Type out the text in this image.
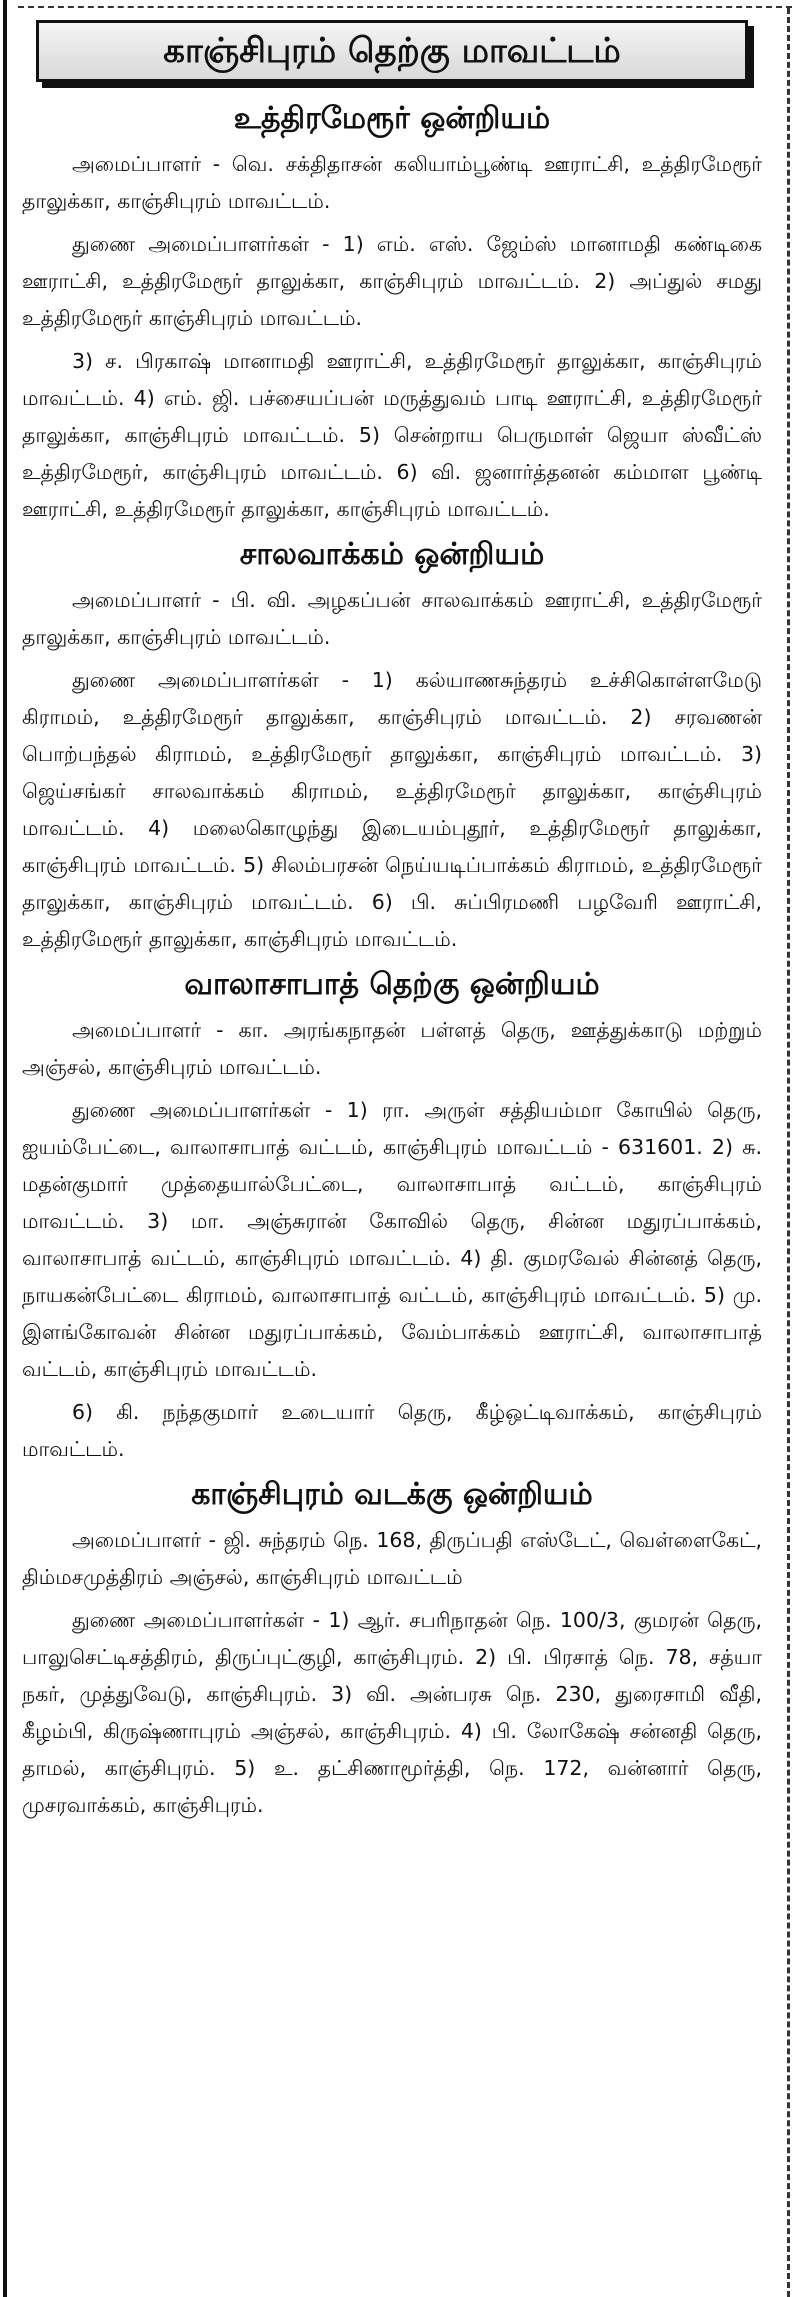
காஞ்சிபுரம் தெற்கு மாவட்டம்
உத்திரமேரூர் ஒன்றியம்

அமைப்பாளர் - வெ. சக்திதாசன் கலியாம்பூண்டி ஊராட்சி, உத்திரமேரூர் தாலுக்கா, காஞ்சிபுரம் மாவட்டம்.

துணை அமைப்பாளர்கள் - 1) எம். எஸ். ஜேம்ஸ் மானாமதி கண்டிகை ஊராட்சி, உத்திரமேரூர் தாலுக்கா, காஞ்சிபுரம் மாவட்டம். 2) அப்துல் சமது உத்திரமேரூர் காஞ்சிபுரம் மாவட்டம்.

3) ச. பிரகாஷ் மானாமதி ஊராட்சி, உத்திரமேரூர் தாலுக்கா, காஞ்சிபுரம் மாவட்டம். 4) எம். ஜி. பச்சையப்பன் மருத்துவம் பாடி ஊராட்சி, உத்திரமேரூர் தாலுக்கா, காஞ்சிபுரம் மாவட்டம். 5) சென்றாய பெருமாள் ஜெயா ஸ்வீட்ஸ் உத்திரமேரூர், காஞ்சிபுரம் மாவட்டம். 6) வி. ஜனார்த்தனன் கம்மாள பூண்டி ஊராட்சி, உத்திரமேரூர் தாலுக்கா, காஞ்சிபுரம் மாவட்டம்.

சாலவாக்கம் ஒன்றியம்

அமைப்பாளர் - பி. வி. அழகப்பன் சாலவாக்கம் ஊராட்சி, உத்திரமேரூர் தாலுக்கா, காஞ்சிபுரம் மாவட்டம்.

துணை அமைப்பாளர்கள் - 1) கல்யாணசுந்தரம் உச்சிகொள்ளமேடு கிராமம், உத்திரமேரூர் தாலுக்கா, காஞ்சிபுரம் மாவட்டம். 2) சரவணன் பொற்பந்தல் கிராமம், உத்திரமேரூர் தாலுக்கா, காஞ்சிபுரம் மாவட்டம். 3) ஜெய்சங்கர் சாலவாக்கம் கிராமம், உத்திரமேரூர் தாலுக்கா, காஞ்சிபுரம் மாவட்டம். 4) மலைகொழுந்து இடையம்புதூர், உத்திரமேரூர் தாலுக்கா, காஞ்சிபுரம் மாவட்டம். 5) சிலம்பரசன் நெய்யடிப்பாக்கம் கிராமம், உத்திரமேரூர் தாலுக்கா, காஞ்சிபுரம் மாவட்டம். 6) பி. சுப்பிரமணி பழவேரி ஊராட்சி, உத்திரமேரூர் தாலுக்கா, காஞ்சிபுரம் மாவட்டம்.

வாலாசாபாத் தெற்கு ஒன்றியம்

அமைப்பாளர் - கா. அரங்கநாதன் பள்ளத் தெரு, ஊத்துக்காடு மற்றும் அஞ்சல், காஞ்சிபுரம் மாவட்டம்.

துணை அமைப்பாளர்கள் - 1) ரா. அருள் சத்தியம்மா கோயில் தெரு, ஐயம்பேட்டை, வாலாசாபாத் வட்டம், காஞ்சிபுரம் மாவட்டம் - 631601. 2) சு. மதன்குமார் முத்தையால்பேட்டை, வாலாசாபாத் வட்டம், காஞ்சிபுரம் மாவட்டம். 3) மா. அஞ்சுரான் கோவில் தெரு, சின்ன மதுரப்பாக்கம், வாலாசாபாத் வட்டம், காஞ்சிபுரம் மாவட்டம். 4) தி. குமரவேல் சின்னத் தெரு, நாயகன்பேட்டை கிராமம், வாலாசாபாத் வட்டம், காஞ்சிபுரம் மாவட்டம். 5) மு. இளங்கோவன் சின்ன மதுரப்பாக்கம், வேம்பாக்கம் ஊராட்சி, வாலாசாபாத் வட்டம், காஞ்சிபுரம் மாவட்டம்.

6) கி. நந்தகுமார் உடையார் தெரு, கீழ்ஒட்டிவாக்கம், காஞ்சிபுரம் மாவட்டம்.

காஞ்சிபுரம் வடக்கு ஒன்றியம்

அமைப்பாளர் - ஜி. சுந்தரம் நெ. 168, திருப்பதி எஸ்டேட், வெள்ளைகேட், திம்மசமுத்திரம் அஞ்சல், காஞ்சிபுரம் மாவட்டம்

துணை அமைப்பாளர்கள் - 1) ஆர். சபரிநாதன் நெ. 100/3, குமரன் தெரு, பாலுசெட்டிசத்திரம், திருப்புட்குழி, காஞ்சிபுரம். 2) பி. பிரசாத் நெ. 78, சத்யா நகர், முத்துவேடு, காஞ்சிபுரம். 3) வி. அன்பரசு நெ. 230, துரைசாமி வீதி, கீழம்பி, கிருஷ்ணாபுரம் அஞ்சல், காஞ்சிபுரம். 4) பி. லோகேஷ் சன்னதி தெரு, தாமல், காஞ்சிபுரம். 5) உ. தட்சிணாமூர்த்தி, நெ. 172, வன்னார் தெரு, முசரவாக்கம், காஞ்சிபுரம்.
